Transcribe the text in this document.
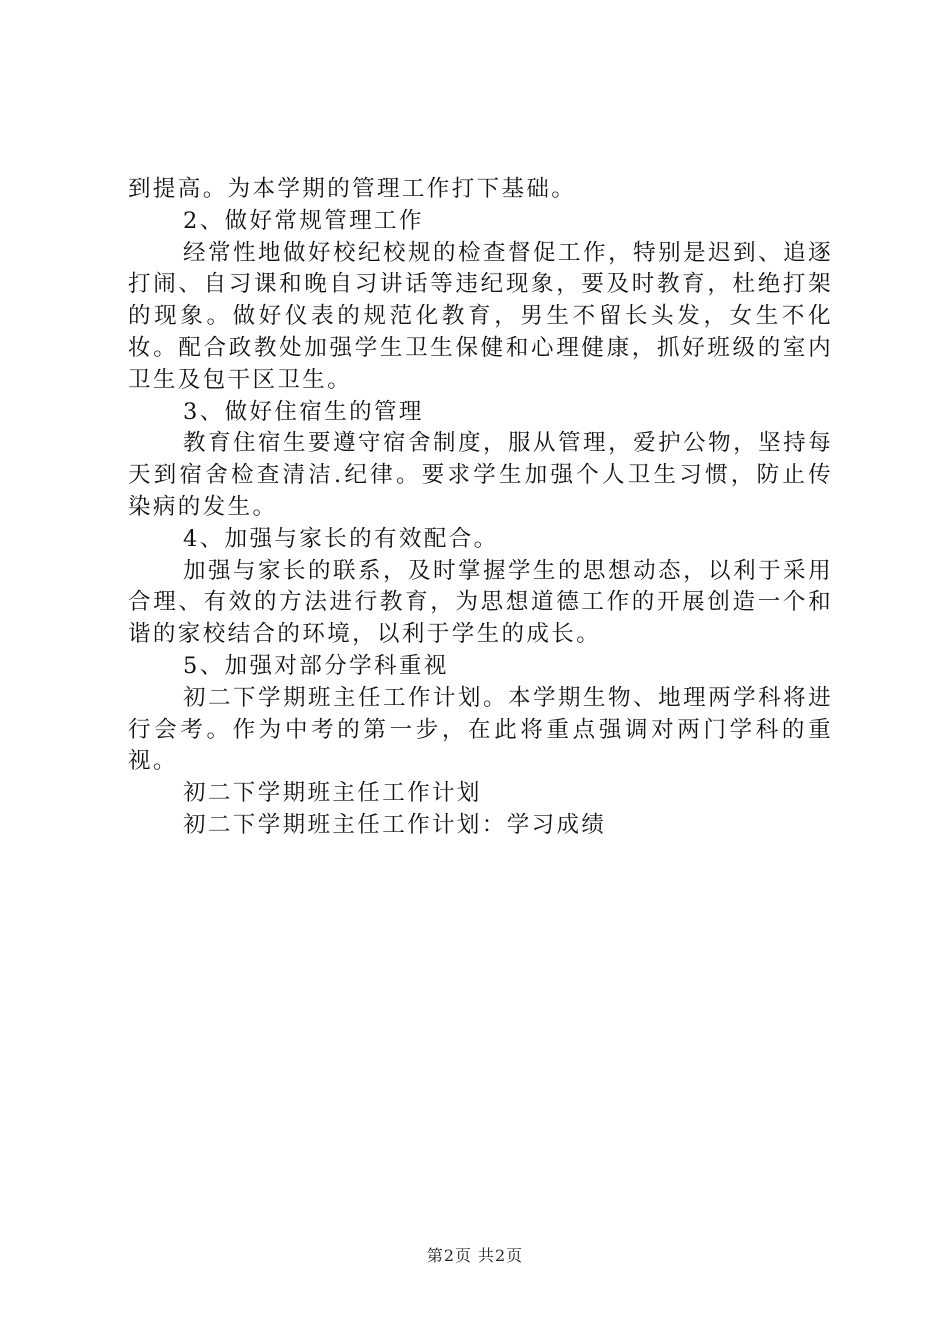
到提高。为本学期的管理工作打下基础。

2、做好常规管理工作

经常性地做好校纪校规的检查督促工作，特别是迟到、追逐打闹、自习课和晚自习讲话等违纪现象，要及时教育，杜绝打架的现象。做好仪表的规范化教育，男生不留长头发，女生不化妆。配合政教处加强学生卫生保健和心理健康，抓好班级的室内卫生及包干区卫生。

3、做好住宿生的管理

教育住宿生要遵守宿舍制度，服从管理，爱护公物，坚持每天到宿舍检查清洁.纪律。要求学生加强个人卫生习惯，防止传染病的发生。

4、加强与家长的有效配合。

加强与家长的联系，及时掌握学生的思想动态，以利于采用合理、有效的方法进行教育，为思想道德工作的开展创造一个和谐的家校结合的环境，以利于学生的成长。

5、加强对部分学科重视

初二下学期班主任工作计划。本学期生物、地理两学科将进行会考。作为中考的第一步，在此将重点强调对两门学科的重视。

初二下学期班主任工作计划

初二下学期班主任工作计划：学习成绩

第2页 共2页
